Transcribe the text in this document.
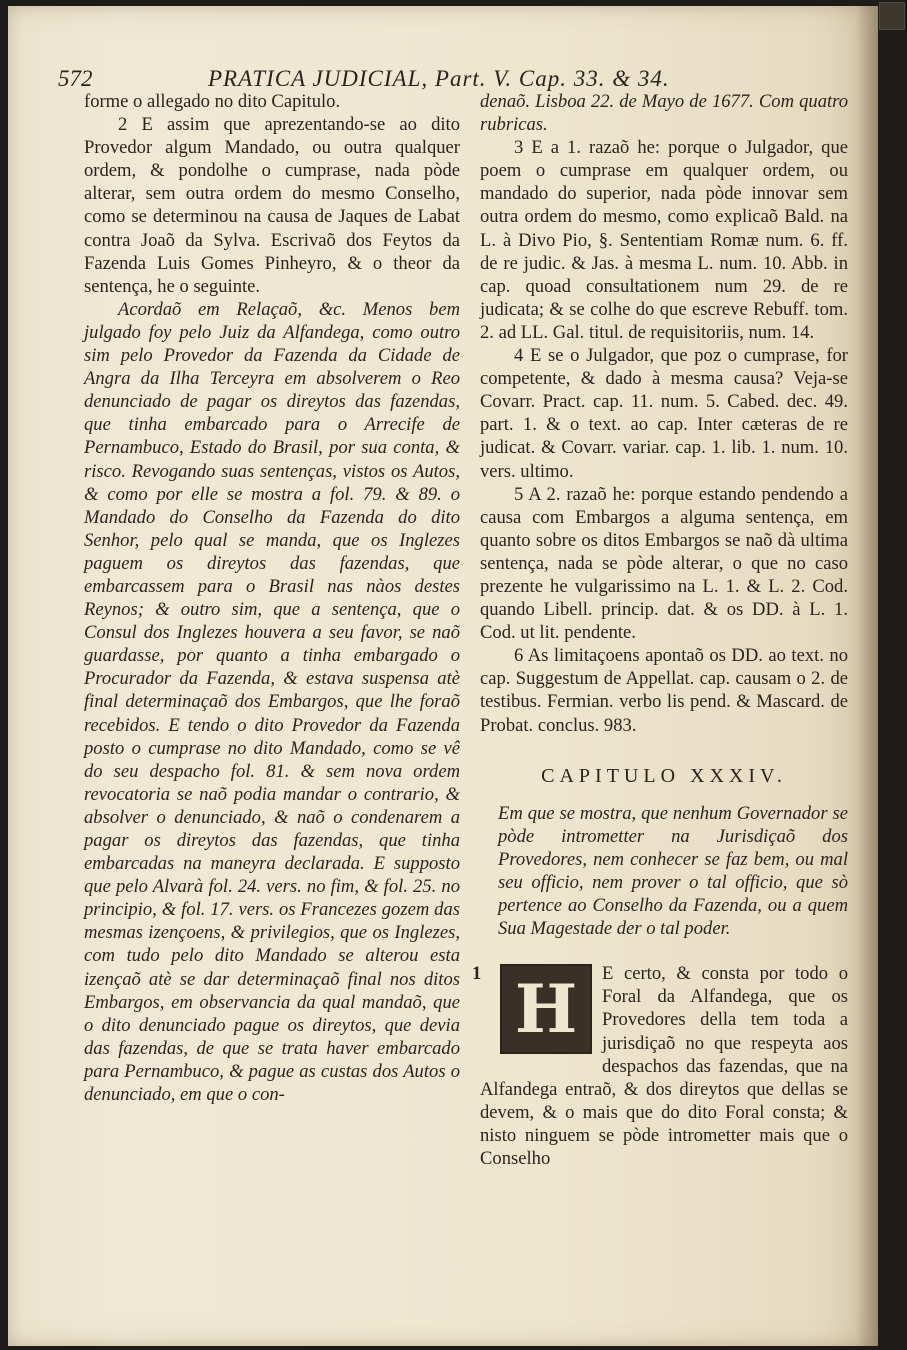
572	PRATICA JUDICIAL, Part. V. Cap. 33. & 34.

forme o allegado no dito Capitulo.

2 E assim que aprezentando-se ao dito Provedor algum Mandado, ou outra qualquer ordem, & pondolhe o cumprase, nada pòde alterar, sem outra ordem do mesmo Conselho, como se determinou na causa de Jaques de Labat contra Joaõ da Sylva. Escrivaõ dos Feytos da Fazenda Luis Gomes Pinheyro, & o theor da sentença, he o seguinte.

Acordaõ em Relaçaõ, &c. Menos bem julgado foy pelo Juiz da Alfandega, como outro sim pelo Provedor da Fazenda da Cidade de Angra da Ilha Terceyra em absolverem o Reo denunciado de pagar os direytos das fazendas, que tinha embarcado para o Arrecife de Pernambuco, Estado do Brasil, por sua conta, & risco. Revogando suas sentenças, vistos os Autos, & como por elle se mostra a fol. 79. & 89. o Mandado do Conselho da Fazenda do dito Senhor, pelo qual se manda, que os Inglezes paguem os direytos das fazendas, que embarcassem para o Brasil nas nàos destes Reynos; & outro sim, que a sentença, que o Consul dos Inglezes houvera a seu favor, se naõ guardasse, por quanto a tinha embargado o Procurador da Fazenda, & estava suspensa atè final determinaçaõ dos Embargos, que lhe foraõ recebidos. E tendo o dito Provedor da Fazenda posto o cumprase no dito Mandado, como se vê do seu despacho fol. 81. & sem nova ordem revocatoria se naõ podia mandar o contrario, & absolver o denunciado, & naõ o condenarem a pagar os direytos das fazendas, que tinha embarcadas na maneyra declarada. E supposto que pelo Alvarà fol. 24. vers. no fim, & fol. 25. no principio, & fol. 17. vers. os Francezes gozem das mesmas izençoens, & privilegios, que os Inglezes, com tudo pelo dito Mandado se alterou esta izençaõ atè se dar determinaçaõ final nos ditos Embargos, em observancia da qual mandaõ, que o dito denunciado pague os direytos, que devia das fazendas, de que se trata haver embarcado para Pernambuco, & pague as custas dos Autos o denunciado, em que o con-

denaõ. Lisboa 22. de Mayo de 1677. Com quatro rubricas.

3 E a 1. razaõ he: porque o Julgador, que poem o cumprase em qualquer ordem, ou mandado do superior, nada pòde innovar sem outra ordem do mesmo, como explicaõ Bald. na L. à Divo Pio, §. Sententiam Romæ num. 6. ff. de re judic. & Jas. à mesma L. num. 10. Abb. in cap. quoad consultationem num 29. de re judicata; & se colhe do que escreve Rebuff. tom. 2. ad LL. Gal. titul. de requisitoriis, num. 14.

4 E se o Julgador, que poz o cumprase, for competente, & dado à mesma causa? Veja-se Covarr. Pract. cap. 11. num. 5. Cabed. dec. 49. part. 1. & o text. ao cap. Inter cæteras de re judicat. & Covarr. variar. cap. 1. lib. 1. num. 10. vers. ultimo.

5 A 2. razaõ he: porque estando pendendo a causa com Embargos a alguma sentença, em quanto sobre os ditos Embargos se naõ dà ultima sentença, nada se pòde alterar, o que no caso prezente he vulgarissimo na L. 1. & L. 2. Cod. quando Libell. princip. dat. & os DD. à L. 1. Cod. ut lit. pendente.

6 As limitaçoens apontaõ os DD. ao text. no cap. Suggestum de Appellat. cap. causam o 2. de testibus. Fermian. verbo lis pend. & Mascard. de Probat. conclus. 983.

CAPITULO XXXIV.

Em que se mostra, que nenhum Governador se pòde intrometter na Jurisdiçaõ dos Provedores, nem conhecer se faz bem, ou mal seu officio, nem prover o tal officio, que sò pertence ao Conselho da Fazenda, ou a quem Sua Magestade der o tal poder.

1 H	E certo, & consta por todo o Foral da Alfandega, que os Provedores della tem toda a jurisdiçaõ no que respeyta aos despachos das fazendas, que na Alfandega entraõ, & dos direytos que dellas se devem, & o mais que do dito Foral consta; & nisto ninguem se pòde intrometter mais que o Conselho
